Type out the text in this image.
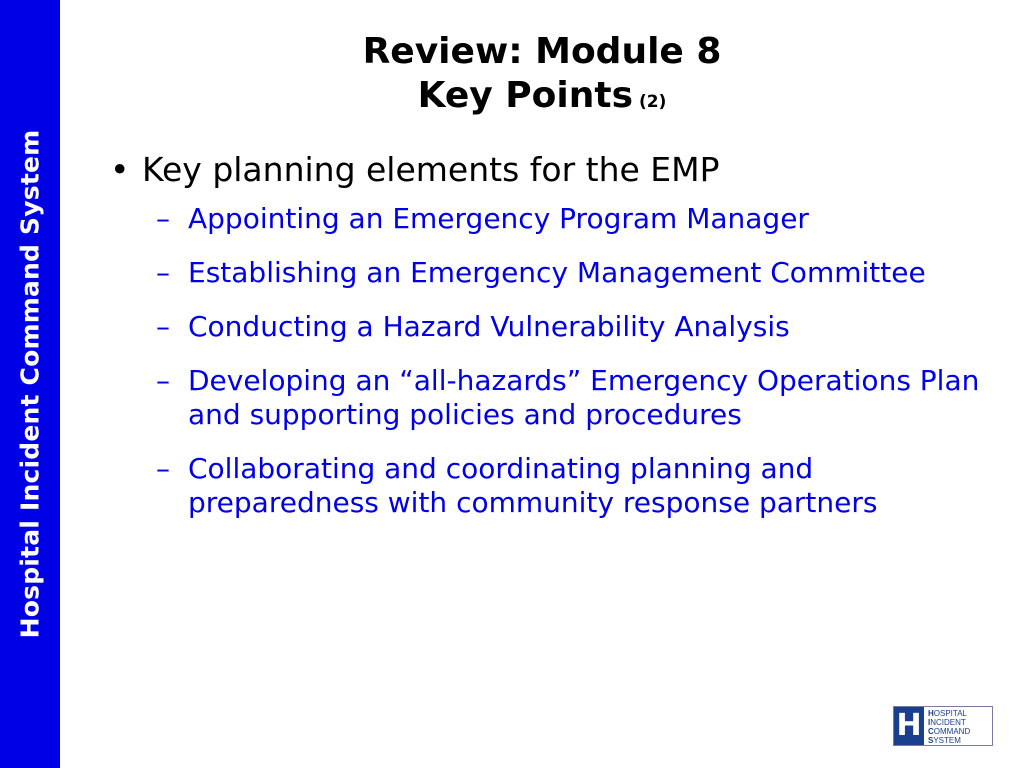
Hospital Incident Command System
Review: Module 8
Key Points (2)
• Key planning elements for the EMP
– Appointing an Emergency Program Manager
– Establishing an Emergency Management Committee
– Conducting a Hazard Vulnerability Analysis
– Developing an “all-hazards” Emergency Operations Plan and supporting policies and procedures
– Collaborating and coordinating planning and preparedness with community response partners
H HOSPITAL
INCIDENT
COMMAND
SYSTEM
